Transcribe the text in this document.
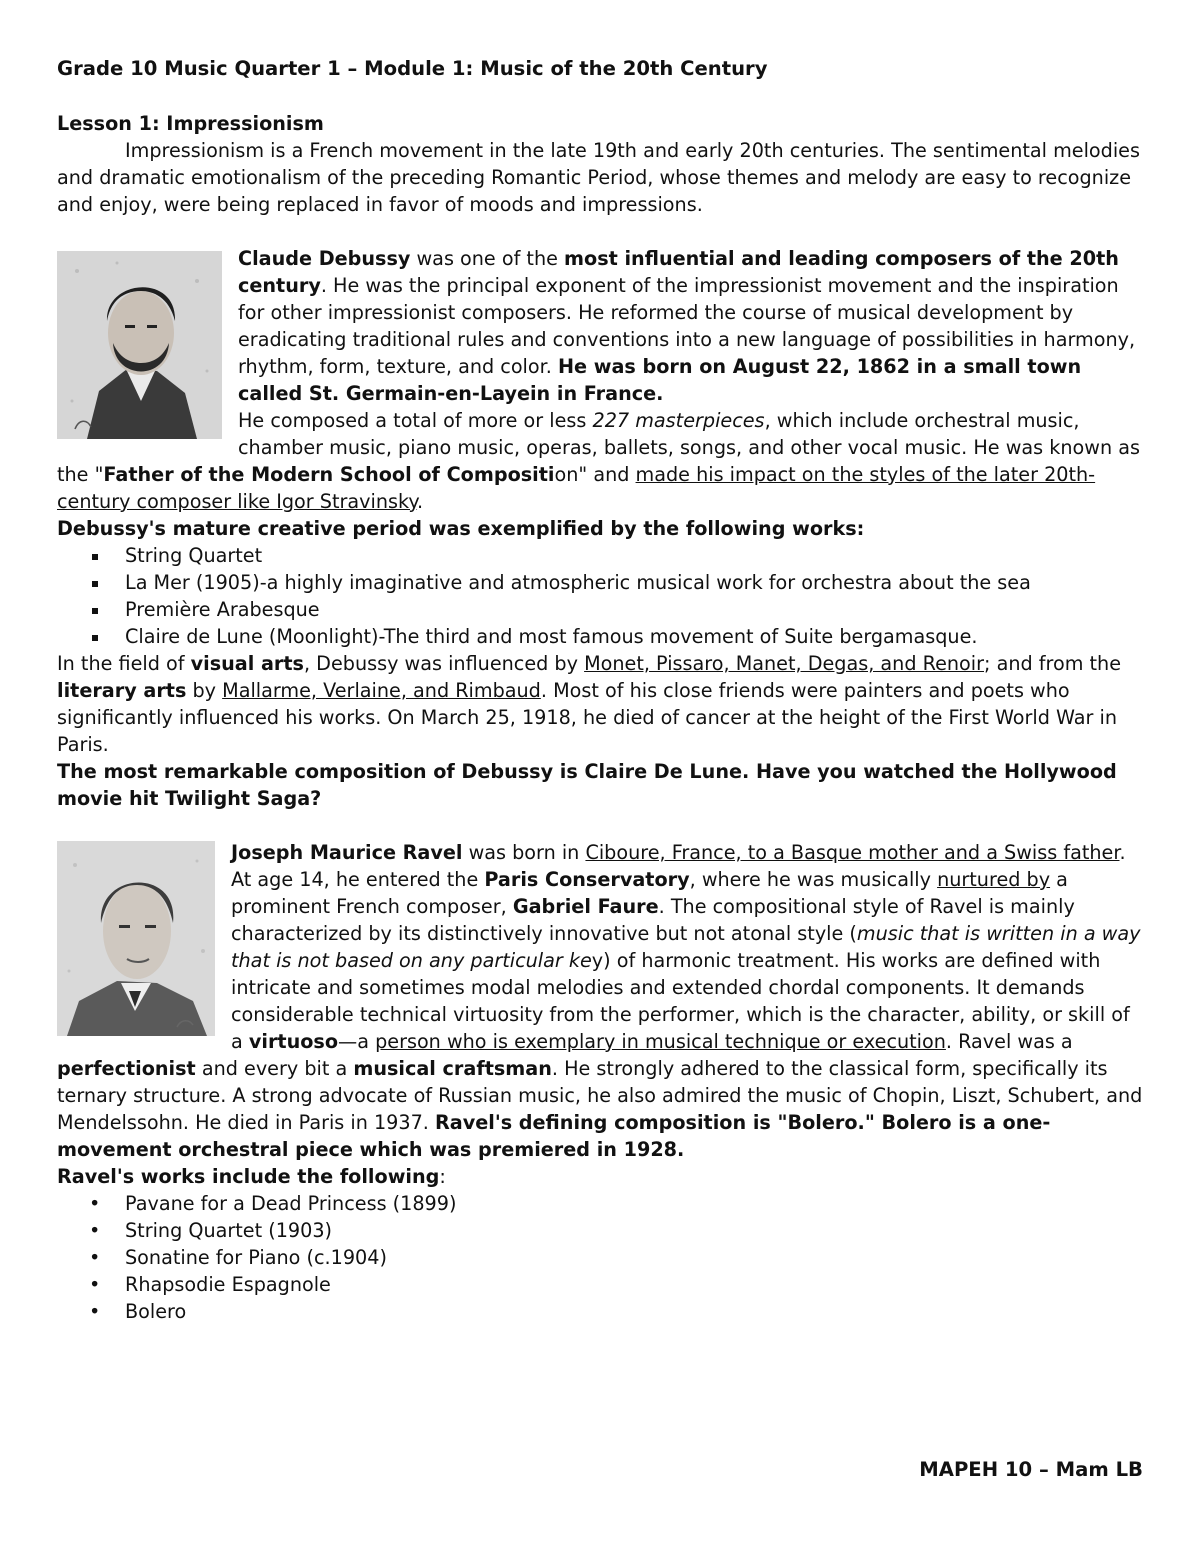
Grade 10 Music Quarter 1 – Module 1: Music of the 20th Century

Lesson 1: Impressionism

Impressionism is a French movement in the late 19th and early 20th centuries. The sentimental melodies and dramatic emotionalism of the preceding Romantic Period, whose themes and melody are easy to recognize and enjoy, were being replaced in favor of moods and impressions.

Claude Debussy was one of the most influential and leading composers of the 20th century. He was the principal exponent of the impressionist movement and the inspiration for other impressionist composers. He reformed the course of musical development by eradicating traditional rules and conventions into a new language of possibilities in harmony, rhythm, form, texture, and color. He was born on August 22, 1862 in a small town called St. Germain-en-Layein in France.

He composed a total of more or less 227 masterpieces, which include orchestral music, chamber music, piano music, operas, ballets, songs, and other vocal music. He was known as the "Father of the Modern School of Composition" and made his impact on the styles of the later 20th-century composer like Igor Stravinsky.

Debussy's mature creative period was exemplified by the following works:

String Quartet
La Mer (1905)-a highly imaginative and atmospheric musical work for orchestra about the sea
Première Arabesque
Claire de Lune (Moonlight)-The third and most famous movement of Suite bergamasque.

In the field of visual arts, Debussy was influenced by Monet, Pissaro, Manet, Degas, and Renoir; and from the literary arts by Mallarme, Verlaine, and Rimbaud. Most of his close friends were painters and poets who significantly influenced his works. On March 25, 1918, he died of cancer at the height of the First World War in Paris.

The most remarkable composition of Debussy is Claire De Lune. Have you watched the Hollywood movie hit Twilight Saga?

Joseph Maurice Ravel was born in Ciboure, France, to a Basque mother and a Swiss father. At age 14, he entered the Paris Conservatory, where he was musically nurtured by a prominent French composer, Gabriel Faure. The compositional style of Ravel is mainly characterized by its distinctively innovative but not atonal style (music that is written in a way that is not based on any particular key) of harmonic treatment. His works are defined with intricate and sometimes modal melodies and extended chordal components. It demands considerable technical virtuosity from the performer, which is the character, ability, or skill of a virtuoso—a person who is exemplary in musical technique or execution. Ravel was a perfectionist and every bit a musical craftsman. He strongly adhered to the classical form, specifically its ternary structure. A strong advocate of Russian music, he also admired the music of Chopin, Liszt, Schubert, and Mendelssohn. He died in Paris in 1937. Ravel's defining composition is "Bolero." Bolero is a one-movement orchestral piece which was premiered in 1928.

Ravel's works include the following:

• Pavane for a Dead Princess (1899)
• String Quartet (1903)
• Sonatine for Piano (c.1904)
• Rhapsodie Espagnole
• Bolero
MAPEH 10 – Mam LB
